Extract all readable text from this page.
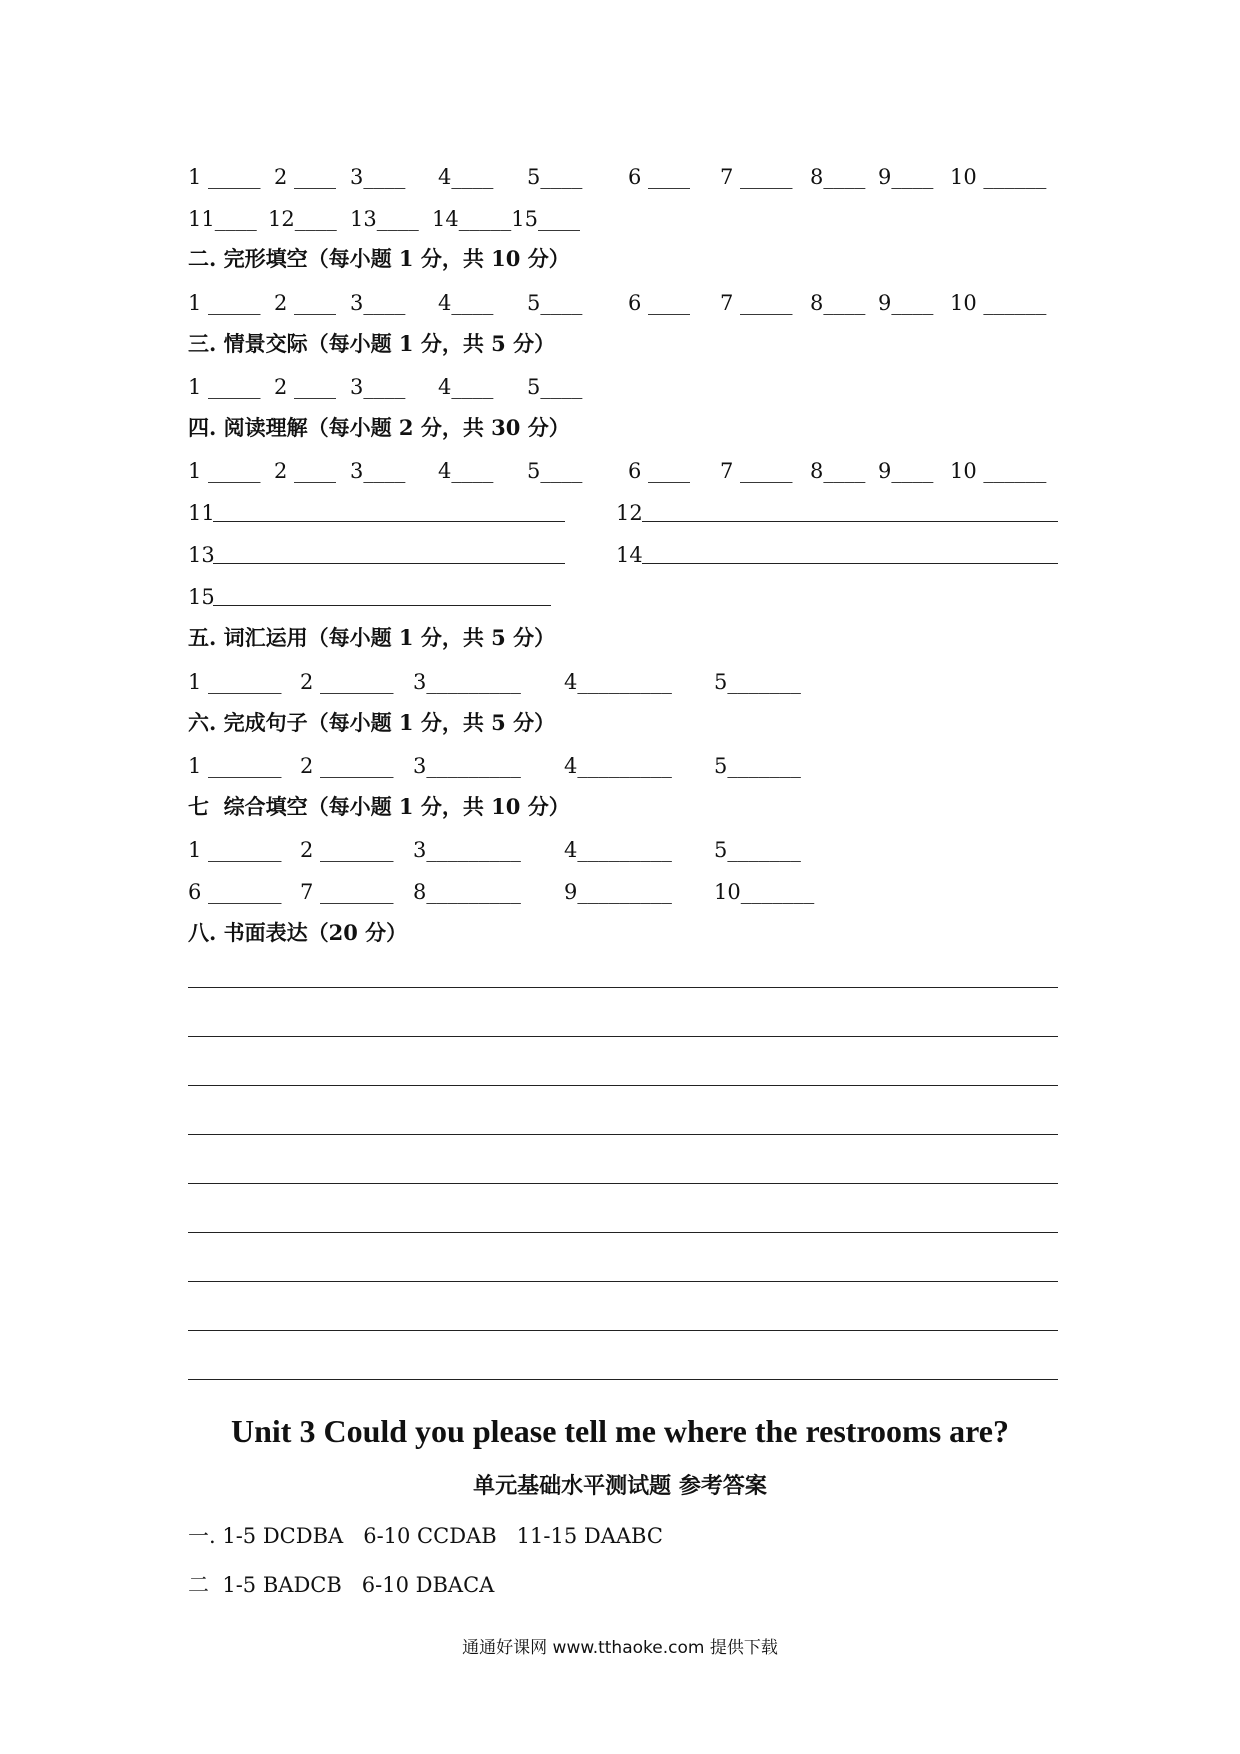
1 _____ 2 ____ 3____ 4____ 5____ 6 ____ 7 _____ 8____ 9____ 10 ______
11____ 12____ 13____ 14_____15____
二. 完形填空（每小题 1 分，共 10 分）
1 _____ 2 ____ 3____ 4____ 5____ 6 ____ 7 _____ 8____ 9____ 10 ______
三. 情景交际（每小题 1 分，共 5 分）
1 _____ 2 ____ 3____ 4____ 5____
四. 阅读理解（每小题 2 分，共 30 分）
1 _____ 2 ____ 3____ 4____ 5____ 6 ____ 7 _____ 8____ 9____ 10 ______
11	12
13	14
15
五. 词汇运用（每小题 1 分，共 5 分）
1 _______ 2 _______ 3_________ 4_________ 5_______
六. 完成句子（每小题 1 分，共 5 分）
1 _______ 2 _______ 3_________ 4_________ 5_______
七  综合填空（每小题 1 分，共 10 分）
1 _______ 2 _______ 3_________ 4_________ 5_______
6 _______ 7 _______ 8_________ 9_________ 10_______
八. 书面表达（20 分）
Unit 3 Could you please tell me where the restrooms are?
单元基础水平测试题 参考答案
一. 1-5 DCDBA   6-10 CCDAB   11-15 DAABC
二  1-5 BADCB   6-10 DBACA
通通好课网 www.tthaoke.com 提供下载
